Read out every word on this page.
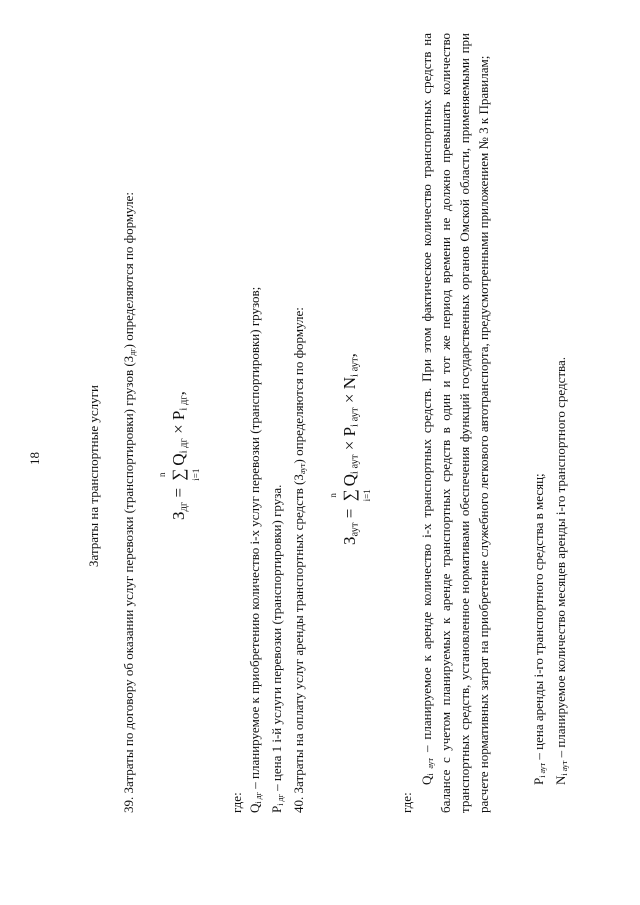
18	Затраты на транспортные услуги 39. Затраты по договору об оказании услуг перевозки (транспортировки) грузов $(З_{дг})$ определяются по формуле:
$З_{дг}$ =
n ∑ i=1
$Q_{i дг} \times P_{i дг}$,
где: $Q_{i дг}$ – планируемое к приобретению количество i-х услуг перевозки (транспортировки) грузов;
$P_{i дг}$ – цена 1 i-й услуги перевозки (транспортировки) груза. 40. Затраты на оплату услуг аренды транспортных средств $(З_{аут})$ определяются по формуле:
$З_{аут}$ =
n ∑ i=1
$Q_{i аут} \times P_{i аут} \times N_{i аут}$,
где:
$Q_{i аут}$ – планируемое к аренде количество i-х транспортных средств. При этом фактическое количество транспортных средств на балансе с учетом планируемых к аренде транспортных средств в один и тот же период времени не должно превышать количество транспортных средств, установленное нормативами обеспечения функций государственных органов Омской области, применяемыми при расчете нормативных затрат на приобретение служебного легкового автотранспорта, предусмотренными приложением № 3 к Правилам;	$P_{i аут}$ – цена аренды i-го транспортного средства в месяц;
$N_{i аут}$ – планируемое количество месяцев аренды i-го транспортного средства.
